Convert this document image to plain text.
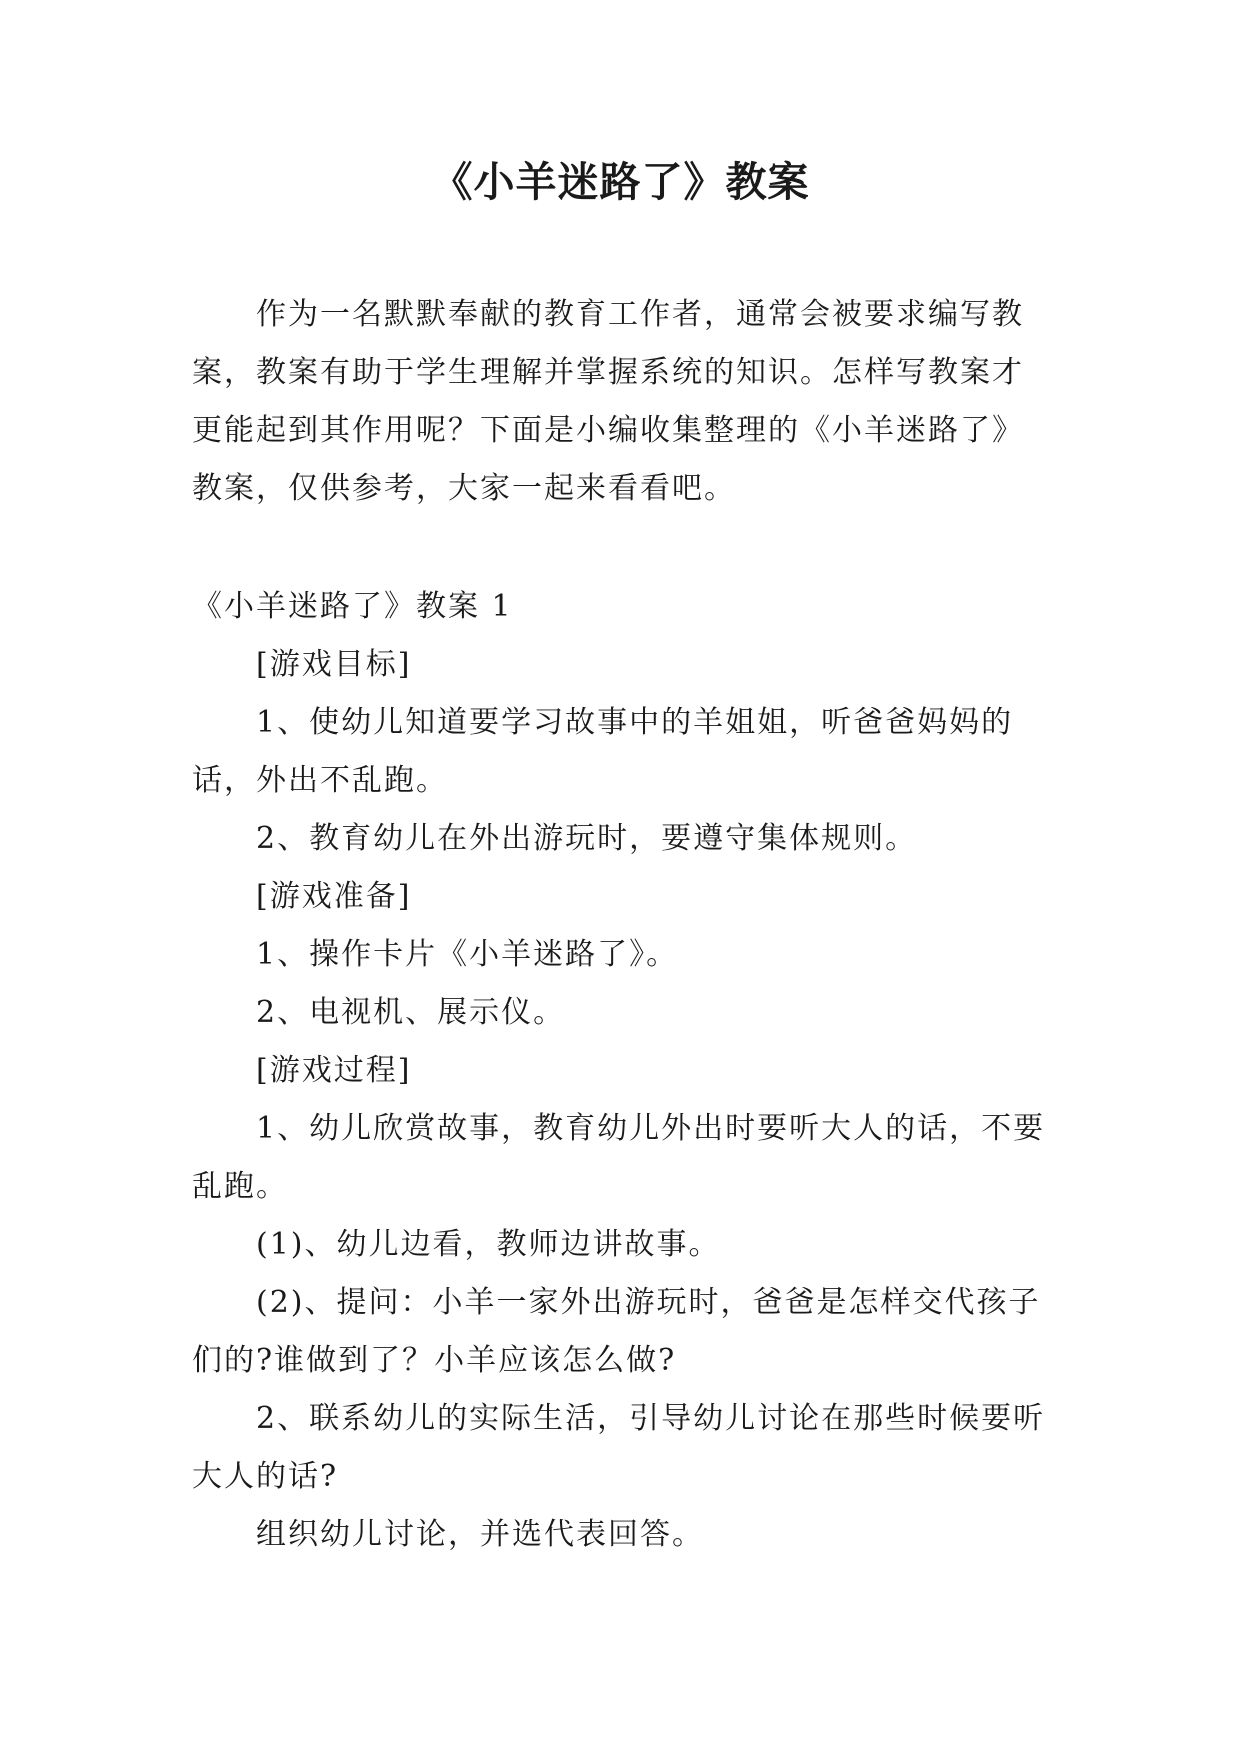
《小羊迷路了》教案

作为一名默默奉献的教育工作者，通常会被要求编写教案，教案有助于学生理解并掌握系统的知识。怎样写教案才更能起到其作用呢？下面是小编收集整理的《小羊迷路了》教案，仅供参考，大家一起来看看吧。

《小羊迷路了》教案 1

[游戏目标]

1、使幼儿知道要学习故事中的羊姐姐，听爸爸妈妈的话，外出不乱跑。

2、教育幼儿在外出游玩时，要遵守集体规则。

[游戏准备]

1、操作卡片《小羊迷路了》。

2、电视机、展示仪。

[游戏过程]

1、幼儿欣赏故事，教育幼儿外出时要听大人的话，不要乱跑。

(1)、幼儿边看，教师边讲故事。

(2)、提问：小羊一家外出游玩时，爸爸是怎样交代孩子们的?谁做到了？小羊应该怎么做?

2、联系幼儿的实际生活，引导幼儿讨论在那些时候要听大人的话?

组织幼儿讨论，并选代表回答。
